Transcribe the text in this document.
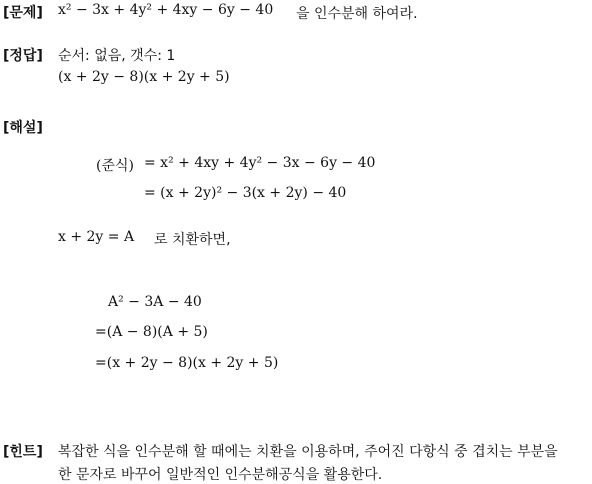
[문제] x² − 3x + 4y² + 4xy − 6y − 40 을 인수분해 하여라.
[정답] 순서: 없음, 갯수: 1
(x + 2y − 8)(x + 2y + 5)
[해설]
(준식) = x² + 4xy + 4y² − 3x − 6y − 40
= (x + 2y)² − 3(x + 2y) − 40
x + 2y = A 로 치환하면,
A² − 3A − 40
=(A − 8)(A + 5)
=(x + 2y − 8)(x + 2y + 5)
[힌트] 복잡한 식을 인수분해 할 때에는 치환을 이용하며, 주어진 다항식 중 겹치는 부분을
한 문자로 바꾸어 일반적인 인수분해공식을 활용한다.
